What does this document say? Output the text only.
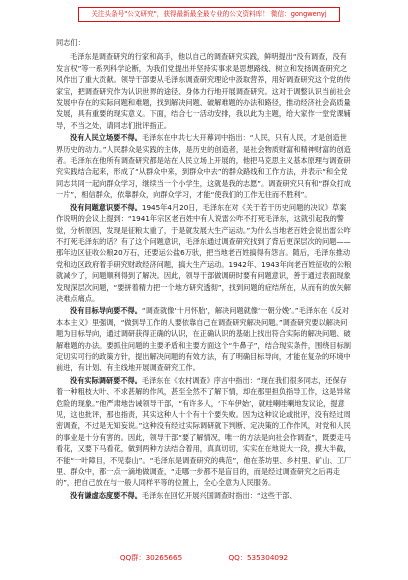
关注头条号"公文研究"，获得最新最全最专业的公文资料库！ 微信：gongwenyj

同志们：

毛泽东是调查研究的行家和高手，他以自己的调查研究实践，鲜明提出“没有调查，没有发言权”等一系列科学论断，为我们党提出并坚持实事求是思想路线、树立和发扬调查研究之风作出了重大贡献。领导干部要从毛泽东调查研究理论中汲取营养，用好调查研究这个党的传家宝，把调查研究作为认识世界的途径、身体力行地开展调查研究。这对于调整认识当前社会发展中存在的实际问题和难题，找到解决问题、破解难题的办法和路径，推动经济社会高质量发展，具有重要的现实意义。下面，结合七一活动安排，我以此为主题，给大家作一堂党课辅导，不当之处，请同志们批评指正。

没有人民立场要不得。毛泽东在中共七大开幕词中指出：“人民，只有人民，才是创造世界历史的动力。”人民群众是实践的主体，是历史的创造者，是社会物质财富和精神财富的创造者。毛泽东在他所有调查研究都是站在人民立场上开展的，他把马克思主义基本原理与调查研究实践结合起来，形成了“从群众中来，到群众中去”的群众路线和工作方法，并表示“和全党同志共同一起向群众学习，继续当一个小学生，这就是我的志愿”。调查研究只有和“群众打成一片”，相信群众，依靠群众，向群众学习，才能“使我们的工作无往而不胜利”。

没有问题意识要不得。1945年4月20日，毛泽东在对《关于若干历史问题的决议》草案作说明的会议上提到：“1941年宗区老百姓中有人说雷公咋不打死毛泽东，这就引起我的警觉，分析原因，发现是征粮太重了，于是就发展大生产运动。”为什么当地老百姓会说出雷公咋不打死毛泽东的话？有了这个问题意识，毛泽东通过调查研究找到了背后更深层次的问题——那年边区征收公粮20万石，还要运公盐6万驮，把当地老百姓搞得有怨言。随后，毛泽东推动党和边区政府着手研究财政经济问题，搞大生产运动。1942年、1943年向老百姓征收的公粮就减少了，问题顺利得到了解决。因此，领导干部做调研时要有问题意识，善于通过表面现象发现深层次问题，“要拼着精力把一个地方研究透彻”，找到问题的症结所在，从而有的放矢解决难点痛点。

没有目标导向要不得。“调查就像‘十月怀胎’，解决问题就像‘一朝分娩’。”毛泽东在《反对本本主义》里强调，“做到导工作的人要依靠自己在调查研究解决问题。”调查研究要以解决问题为目标导向，通过调研获得正确的认识，在正确认识的基础上找出符合实际的解决问题、破解难题的办法。要抓住问题的主要矛盾和主要方面这个“牛鼻子”，结合现实条件，围绕目标制定切实可行的政策方针，提出解决问题的有效方法，有了明确目标导向，才能在复杂的环境中前进，有计划、有主线地开展调查研究工作。

没有实际调研要不得。毛泽东在《农村调查》序言中指出：“现在我们很多同志，还保存着一种粗枝大叶、不求甚解的作风，甚至全然不了解下情，却在那里担负指导工作，这是异常危险的现象。”他严肃地告诫领导干部，“有许多人，‘下车伊始’，就哇喇哇喇地发议论，提意见，这也批评，那也指责，其实这种人十个有十个要失败。因为这种议论或批评，没有经过周密调查，不过是无知妄说。”这种没有经过实际调研就下判断、定决策的工作作风，对党和人民的事业是十分有害的。因此，领导干部“要了解情况，唯一的方法是向社会作调查”，既要走马看花，又要下马看花，做到两种方法结合着用，真真切切，实实在在地说大一段，摸大半截，不能“一叶障目，不见泰山”。“毛泽东是调查研究的典范”，他在茶坊里、乡村里、矿山、工厂里、群众中，都一点一滴地做调查，“走哪一步都不是盲目的，而是经过调查研究之后再走的”，把自己放在与一般人同样平等的位置上，全心全意为人民服务。

没有谦虚态度要不得。毛泽东在回忆开展兴国调查时指出：“这些干部、

QQ群：30265665	QQ：535304092
